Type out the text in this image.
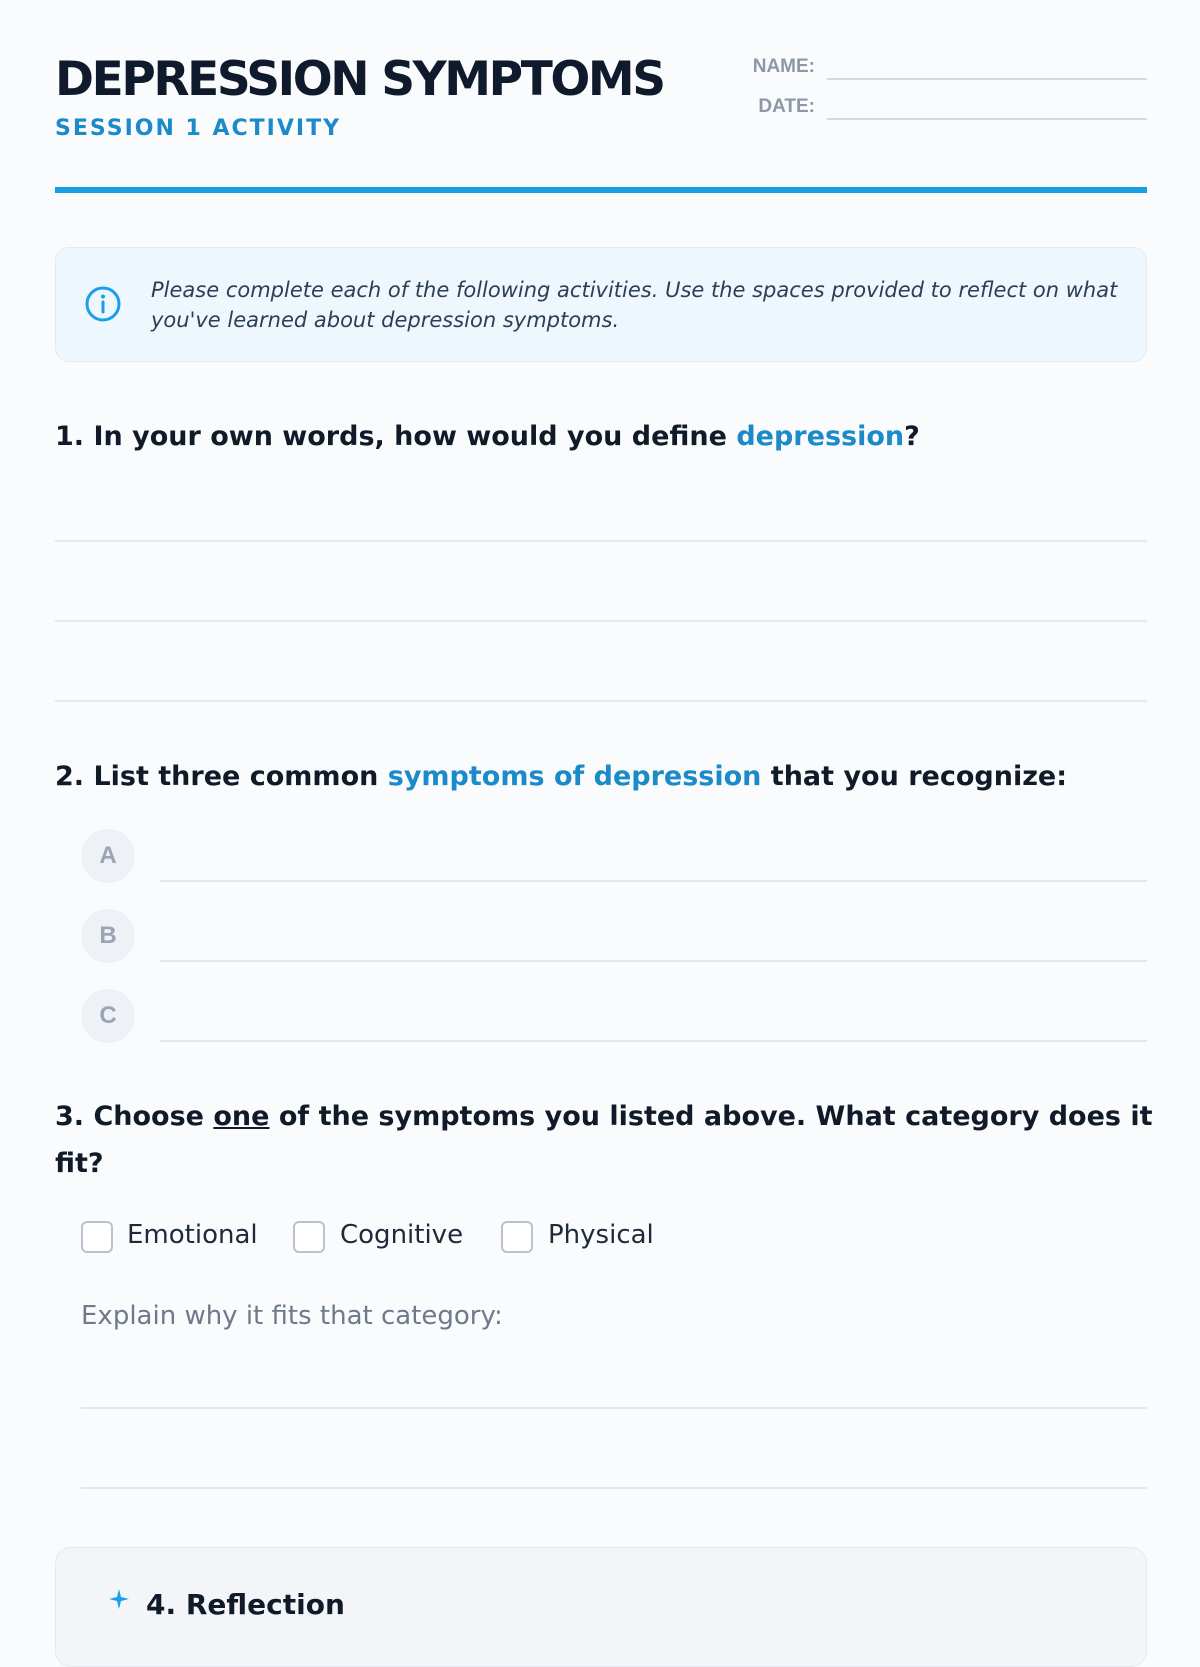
DEPRESSION SYMPTOMS
SESSION 1 ACTIVITY
NAME:
DATE:
Please complete each of the following activities. Use the spaces provided to reflect on what you've learned about depression symptoms.
1. In your own words, how would you define depression?
2. List three common symptoms of depression that you recognize:
A
B
C
3. Choose one of the symptoms you listed above. What category does it
fit?
Emotional	Cognitive	Physical
Explain why it fits that category:
4. Reflection
